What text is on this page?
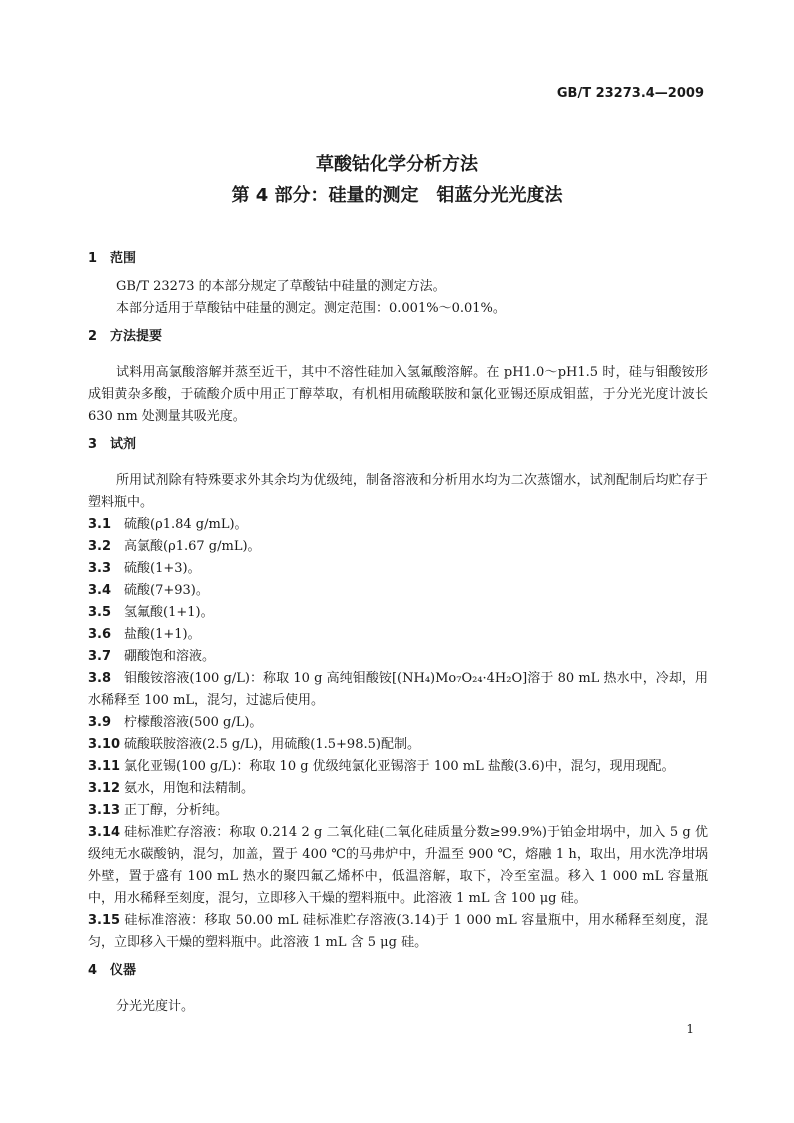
GB/T 23273.4—2009
草酸钴化学分析方法
第 4 部分：硅量的测定　钼蓝分光光度法
1 范围

GB/T 23273 的本部分规定了草酸钴中硅量的测定方法。

本部分适用于草酸钴中硅量的测定。测定范围：0.001%～0.01%。

2 方法提要

试料用高氯酸溶解并蒸至近干，其中不溶性硅加入氢氟酸溶解。在 pH1.0～pH1.5 时，硅与钼酸铵形成钼黄杂多酸，于硫酸介质中用正丁醇萃取，有机相用硫酸联胺和氯化亚锡还原成钼蓝，于分光光度计波长 630 nm 处测量其吸光度。

3 试剂

所用试剂除有特殊要求外其余均为优级纯，制备溶液和分析用水均为二次蒸馏水，试剂配制后均贮存于塑料瓶中。

3.1 硫酸(ρ1.84 g/mL)。

3.2 高氯酸(ρ1.67 g/mL)。

3.3 硫酸(1+3)。

3.4 硫酸(7+93)。

3.5 氢氟酸(1+1)。

3.6 盐酸(1+1)。

3.7 硼酸饱和溶液。

3.8 钼酸铵溶液(100 g/L)：称取 10 g 高纯钼酸铵[(NH₄)Mo₇O₂₄·4H₂O]溶于 80 mL 热水中，冷却，用水稀释至 100 mL，混匀，过滤后使用。

3.9 柠檬酸溶液(500 g/L)。

3.10 硫酸联胺溶液(2.5 g/L)，用硫酸(1.5+98.5)配制。

3.11 氯化亚锡(100 g/L)：称取 10 g 优级纯氯化亚锡溶于 100 mL 盐酸(3.6)中，混匀，现用现配。

3.12 氨水，用饱和法精制。

3.13 正丁醇，分析纯。

3.14 硅标准贮存溶液：称取 0.214 2 g 二氧化硅(二氧化硅质量分数≥99.9%)于铂金坩埚中，加入 5 g 优级纯无水碳酸钠，混匀，加盖，置于 400 ℃的马弗炉中，升温至 900 ℃，熔融 1 h，取出，用水洗净坩埚外壁，置于盛有 100 mL 热水的聚四氟乙烯杯中，低温溶解，取下，冷至室温。移入 1 000 mL 容量瓶中，用水稀释至刻度，混匀，立即移入干燥的塑料瓶中。此溶液 1 mL 含 100 μg 硅。

3.15 硅标准溶液：移取 50.00 mL 硅标准贮存溶液(3.14)于 1 000 mL 容量瓶中，用水稀释至刻度，混匀，立即移入干燥的塑料瓶中。此溶液 1 mL 含 5 μg 硅。

4 仪器

分光光度计。

1
